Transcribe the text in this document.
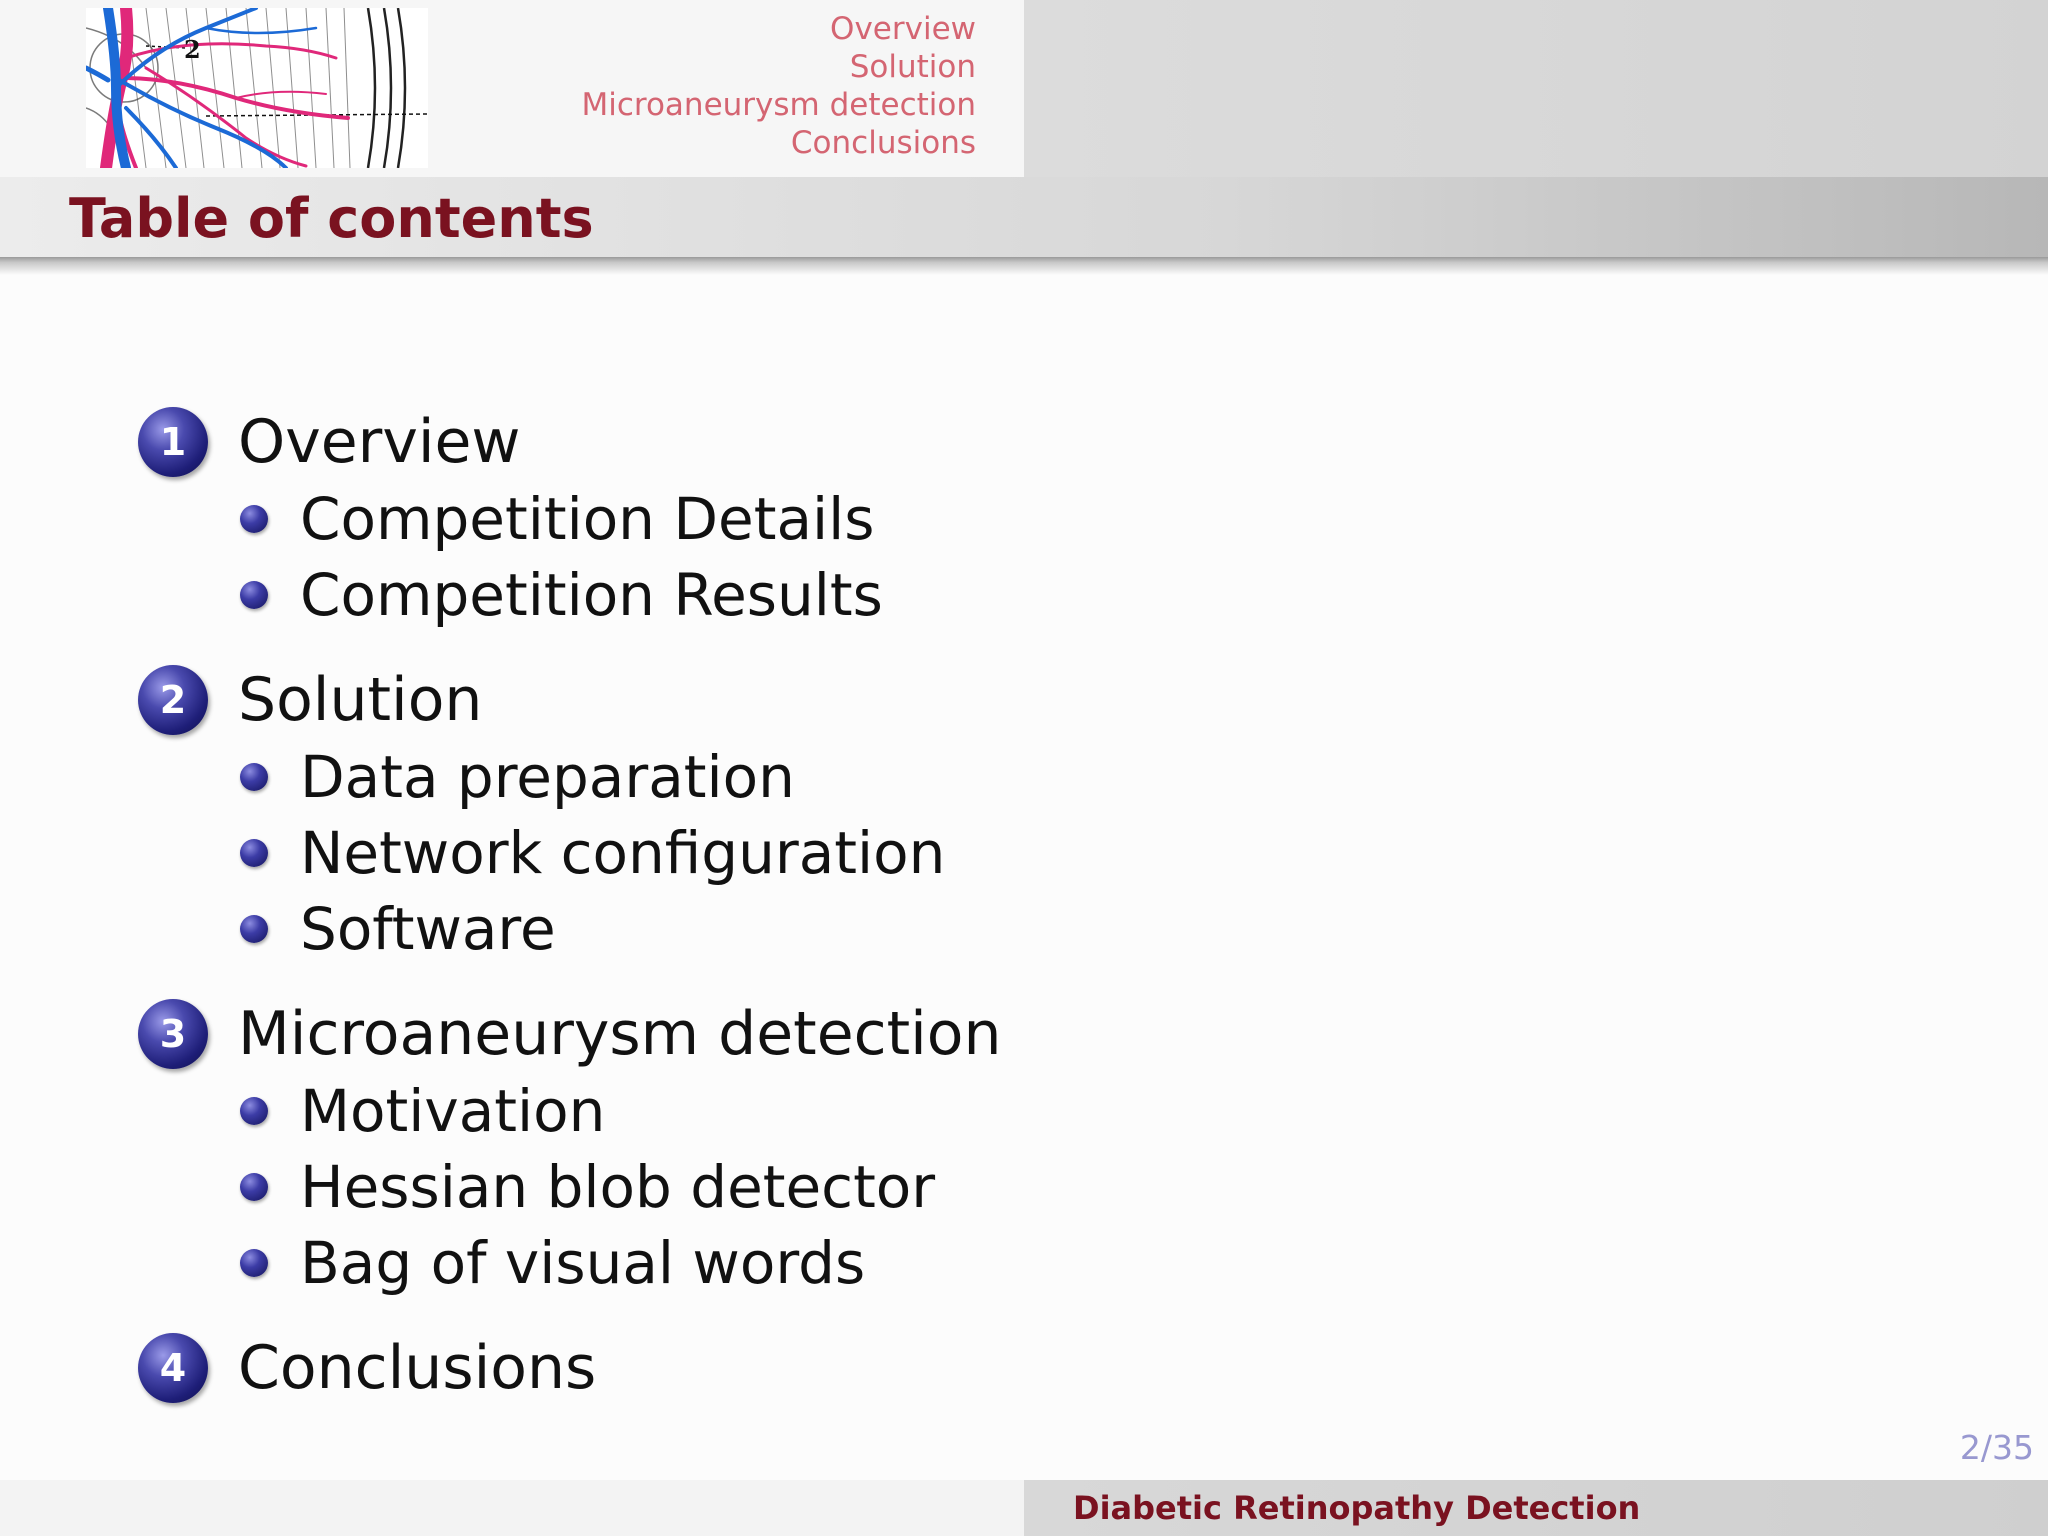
2
Overview
Solution
Microaneurysm detection
Conclusions
Table of contents
1 Overview
Competition Details
Competition Results
2 Solution
Data preparation
Network configuration
Software
3 Microaneurysm detection
Motivation
Hessian blob detector
Bag of visual words
4 Conclusions
2/35
Diabetic Retinopathy Detection
